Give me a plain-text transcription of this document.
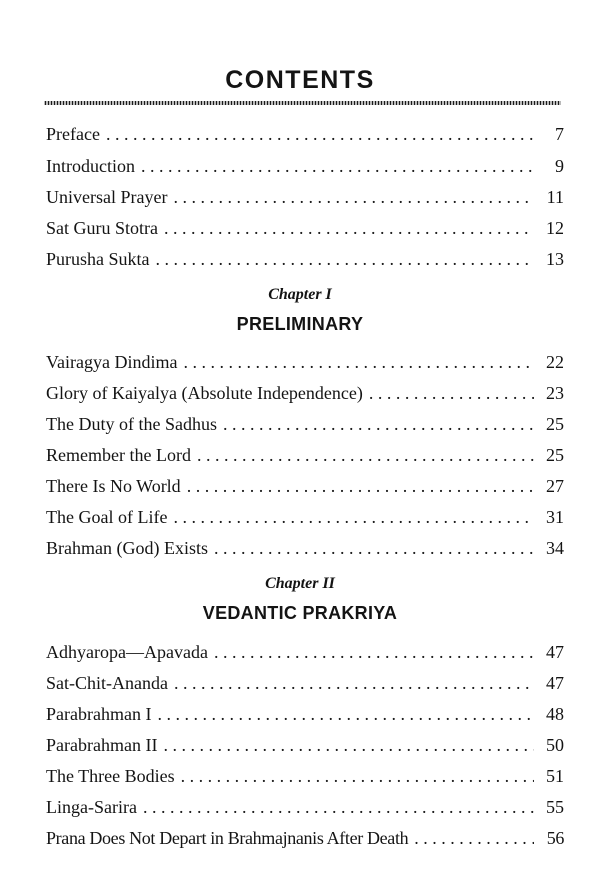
CONTENTS
Preface . . .	7
Introduction . . .	9
Universal Prayer . . .	11
Sat Guru Stotra . . .	12
Purusha Sukta . . .	13
Chapter I
PRELIMINARY
Vairagya Dindima . . .	22
Glory of Kaiyalya (Absolute Independence) . . .	23
The Duty of the Sadhus . . .	25
Remember the Lord . . .	25
There Is No World . . .	27
The Goal of Life . . .	31
Brahman (God) Exists . . .	34
Chapter II
VEDANTIC PRAKRIYA
Adhyaropa—Apavada . . .	47
Sat-Chit-Ananda . . .	47
Parabrahman I . . .	48
Parabrahman II . . .	50
The Three Bodies . . .	51
Linga-Sarira . . .	55
Prana Does Not Depart in Brahmajnanis After Death . . .	56
